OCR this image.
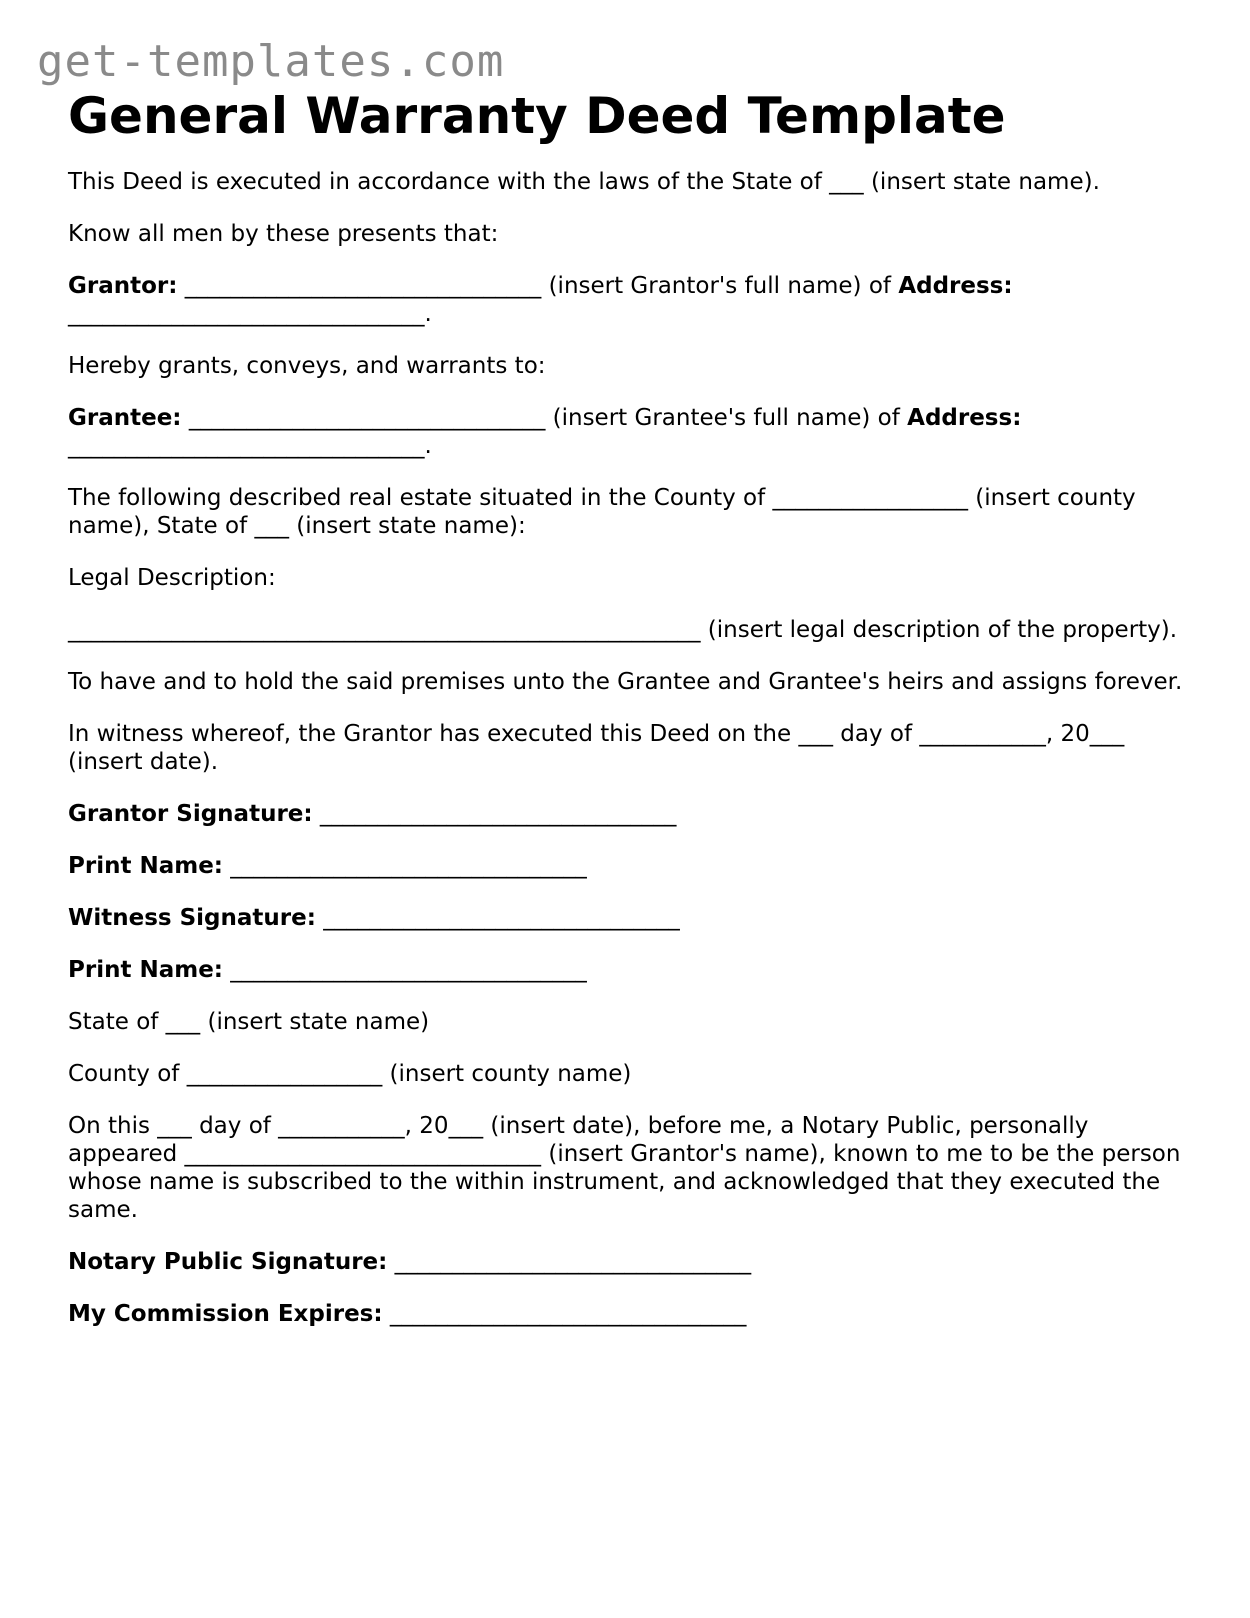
get-templates.com
General Warranty Deed Template

This Deed is executed in accordance with the laws of the State of ___ (insert state name).

Know all men by these presents that:

Grantor: _______________________________ (insert Grantor's full name) of Address: _______________________________.

Hereby grants, conveys, and warrants to:

Grantee: _______________________________ (insert Grantee's full name) of Address: _______________________________.

The following described real estate situated in the County of _________________ (insert county name), State of ___ (insert state name):

Legal Description:

_______________________________________________________ (insert legal description of the property).

To have and to hold the said premises unto the Grantee and Grantee's heirs and assigns forever.

In witness whereof, the Grantor has executed this Deed on the ___ day of ___________, 20___ (insert date).

Grantor Signature: _______________________________

Print Name: _______________________________

Witness Signature: _______________________________

Print Name: _______________________________

State of ___ (insert state name)

County of _________________ (insert county name)

On this ___ day of ___________, 20___ (insert date), before me, a Notary Public, personally appeared _______________________________ (insert Grantor's name), known to me to be the person whose name is subscribed to the within instrument, and acknowledged that they executed the same.

Notary Public Signature: _______________________________

My Commission Expires: _______________________________
